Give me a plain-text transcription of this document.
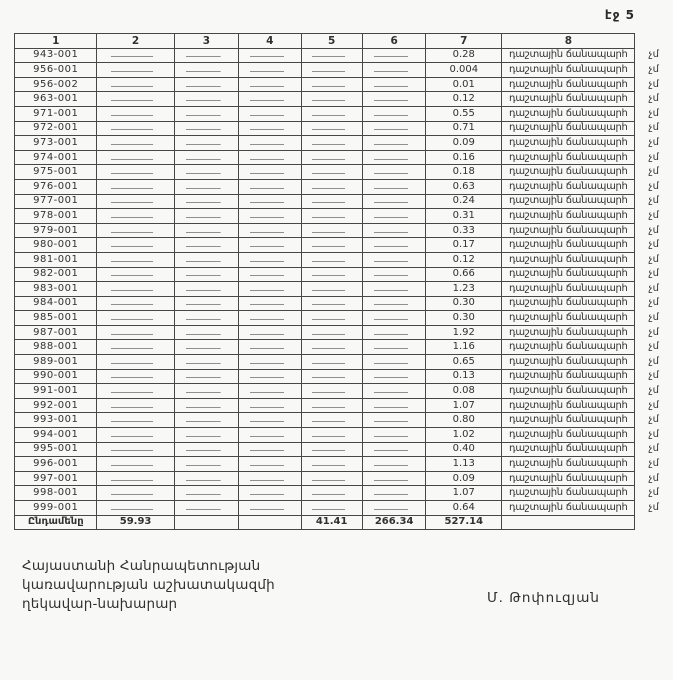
էջ 5
1	2	3	4	5	6	7	8	
943-001						0.28	դաշտային ճանապարհ	չմ
956-001						0.004	դաշտային ճանապարհ	չմ
956-002						0.01	դաշտային ճանապարհ	չմ
963-001						0.12	դաշտային ճանապարհ	չմ
971-001						0.55	դաշտային ճանապարհ	չմ
972-001						0.71	դաշտային ճանապարհ	չմ
973-001						0.09	դաշտային ճանապարհ	չմ
974-001						0.16	դաշտային ճանապարհ	չմ
975-001						0.18	դաշտային ճանապարհ	չմ
976-001						0.63	դաշտային ճանապարհ	չմ
977-001						0.24	դաշտային ճանապարհ	չմ
978-001						0.31	դաշտային ճանապարհ	չմ
979-001						0.33	դաշտային ճանապարհ	չմ
980-001						0.17	դաշտային ճանապարհ	չմ
981-001						0.12	դաշտային ճանապարհ	չմ
982-001						0.66	դաշտային ճանապարհ	չմ
983-001						1.23	դաշտային ճանապարհ	չմ
984-001						0.30	դաշտային ճանապարհ	չմ
985-001						0.30	դաշտային ճանապարհ	չմ
987-001						1.92	դաշտային ճանապարհ	չմ
988-001						1.16	դաշտային ճանապարհ	չմ
989-001						0.65	դաշտային ճանապարհ	չմ
990-001						0.13	դաշտային ճանապարհ	չմ
991-001						0.08	դաշտային ճանապարհ	չմ
992-001						1.07	դաշտային ճանապարհ	չմ
993-001						0.80	դաշտային ճանապարհ	չմ
994-001						1.02	դաշտային ճանապարհ	չմ
995-001						0.40	դաշտային ճանապարհ	չմ
996-001						1.13	դաշտային ճանապարհ	չմ
997-001						0.09	դաշտային ճանապարհ	չմ
998-001						1.07	դաշտային ճանապարհ	չմ
999-001						0.64	դաշտային ճանապարհ	չմ
Ընդամենը	59.93			41.41	266.34	527.14		
Հայաստանի Հանրապետության
կառավարության աշխատակազմի
ղեկավար-նախարար	Մ. Թոփուզյան
